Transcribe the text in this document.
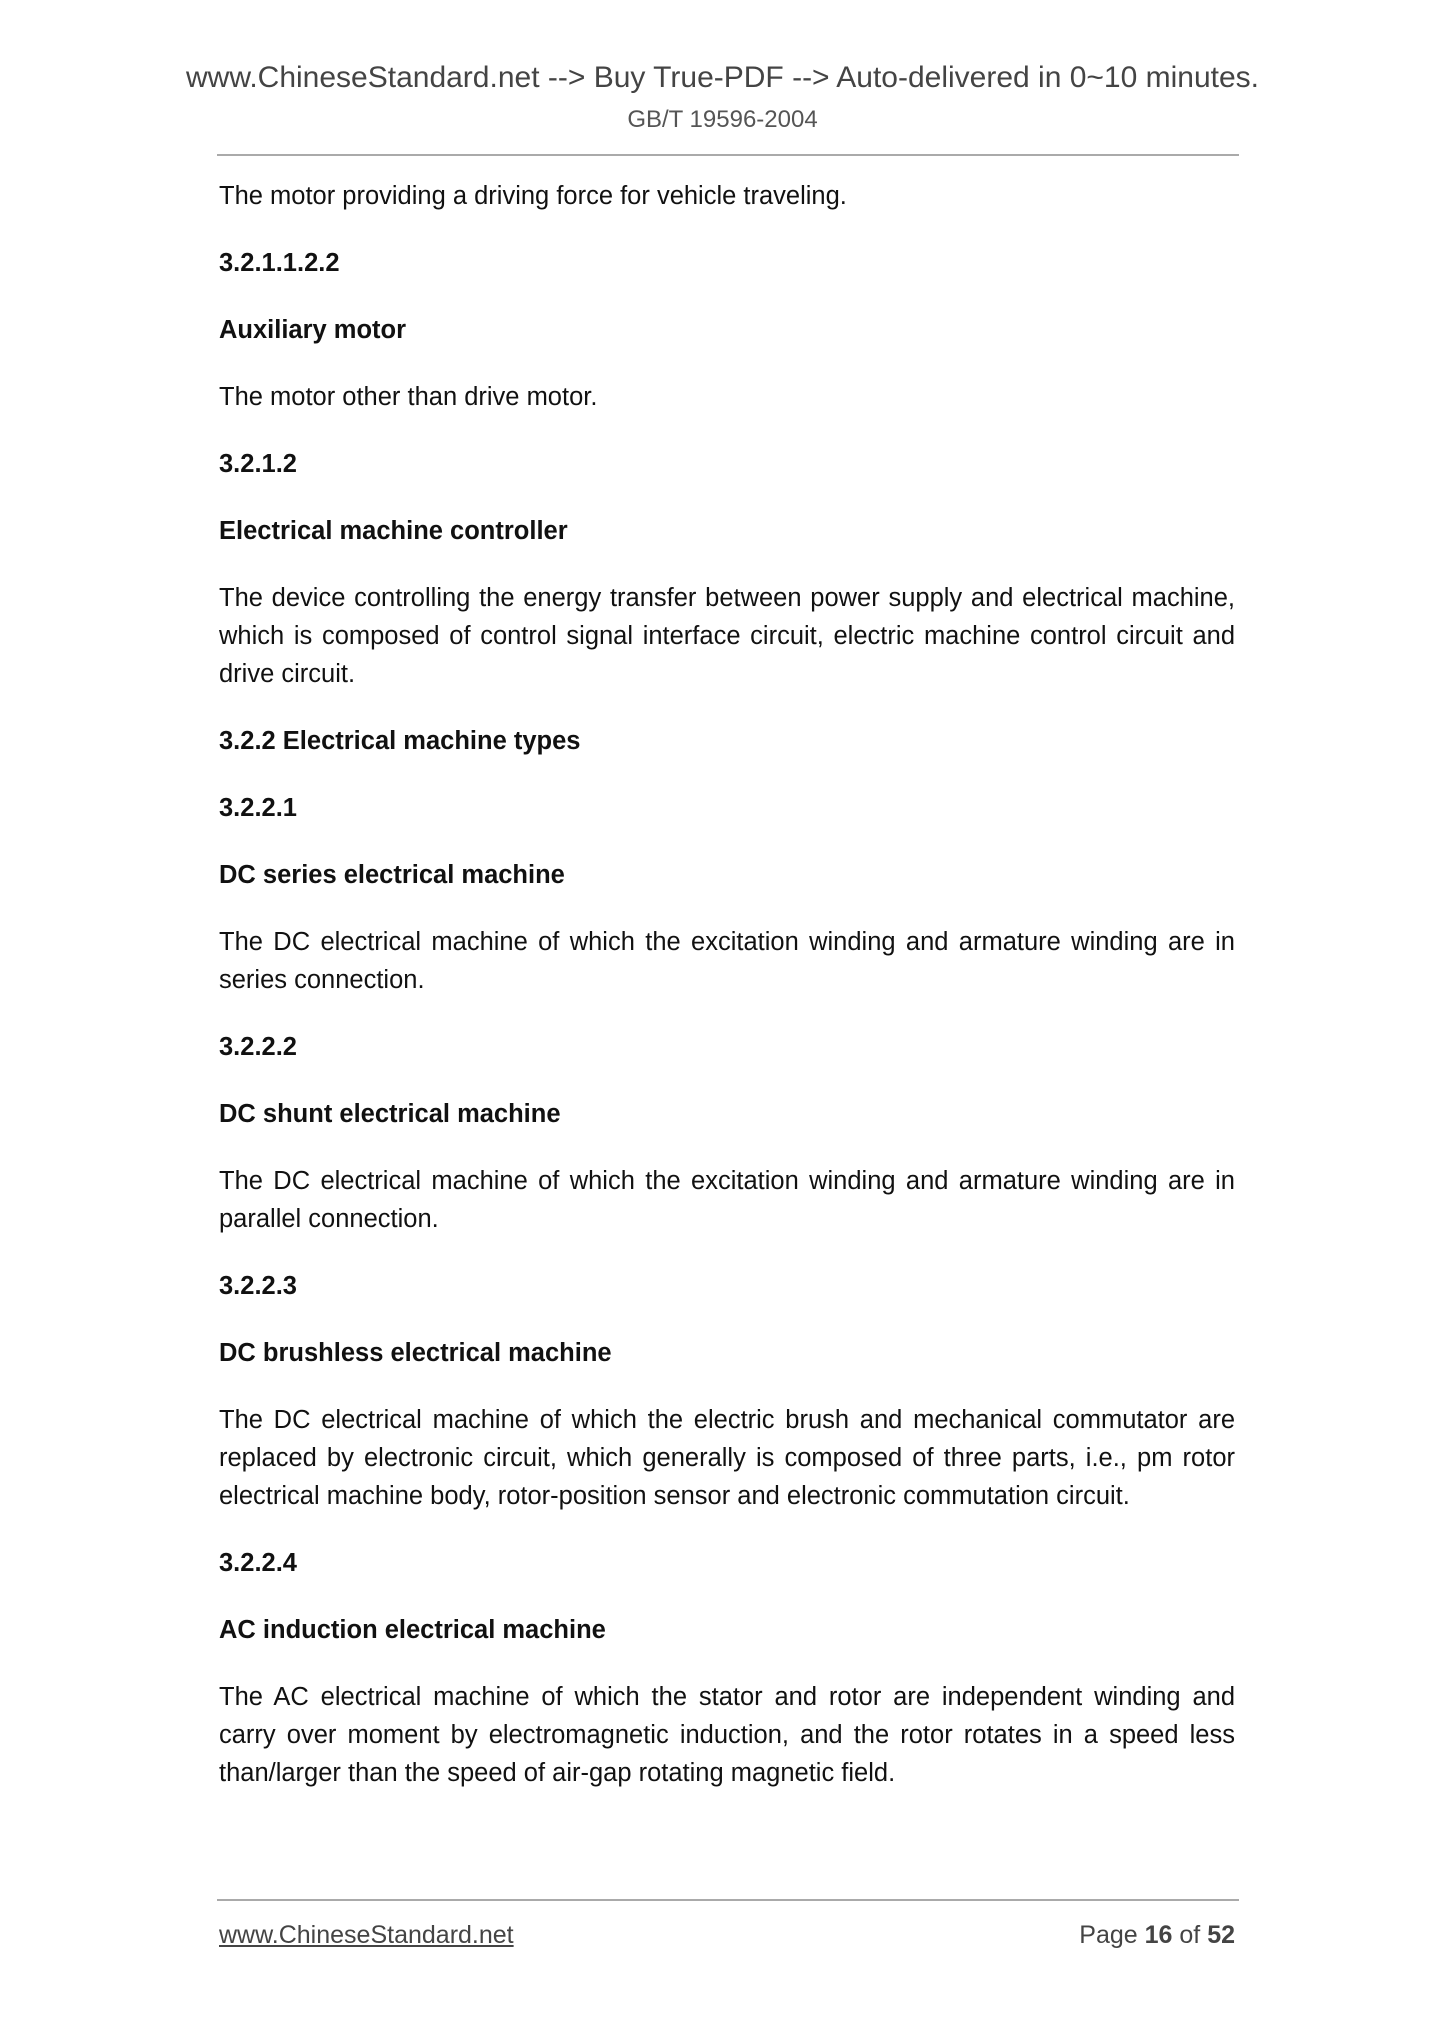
www.ChineseStandard.net --> Buy True-PDF --> Auto-delivered in 0~10 minutes.
GB/T 19596-2004

The motor providing a driving force for vehicle traveling.

3.2.1.1.2.2

Auxiliary motor

The motor other than drive motor.

3.2.1.2

Electrical machine controller

The device controlling the energy transfer between power supply and electrical machine, which is composed of control signal interface circuit, electric machine control circuit and drive circuit.

3.2.2 Electrical machine types

3.2.2.1

DC series electrical machine

The DC electrical machine of which the excitation winding and armature winding are in series connection.

3.2.2.2

DC shunt electrical machine

The DC electrical machine of which the excitation winding and armature winding are in parallel connection.

3.2.2.3

DC brushless electrical machine

The DC electrical machine of which the electric brush and mechanical commutator are replaced by electronic circuit, which generally is composed of three parts, i.e., pm rotor electrical machine body, rotor-position sensor and electronic commutation circuit.

3.2.2.4

AC induction electrical machine

The AC electrical machine of which the stator and rotor are independent winding and carry over moment by electromagnetic induction, and the rotor rotates in a speed less than/larger than the speed of air-gap rotating magnetic field.

www.ChineseStandard.net	Page 16 of 52
